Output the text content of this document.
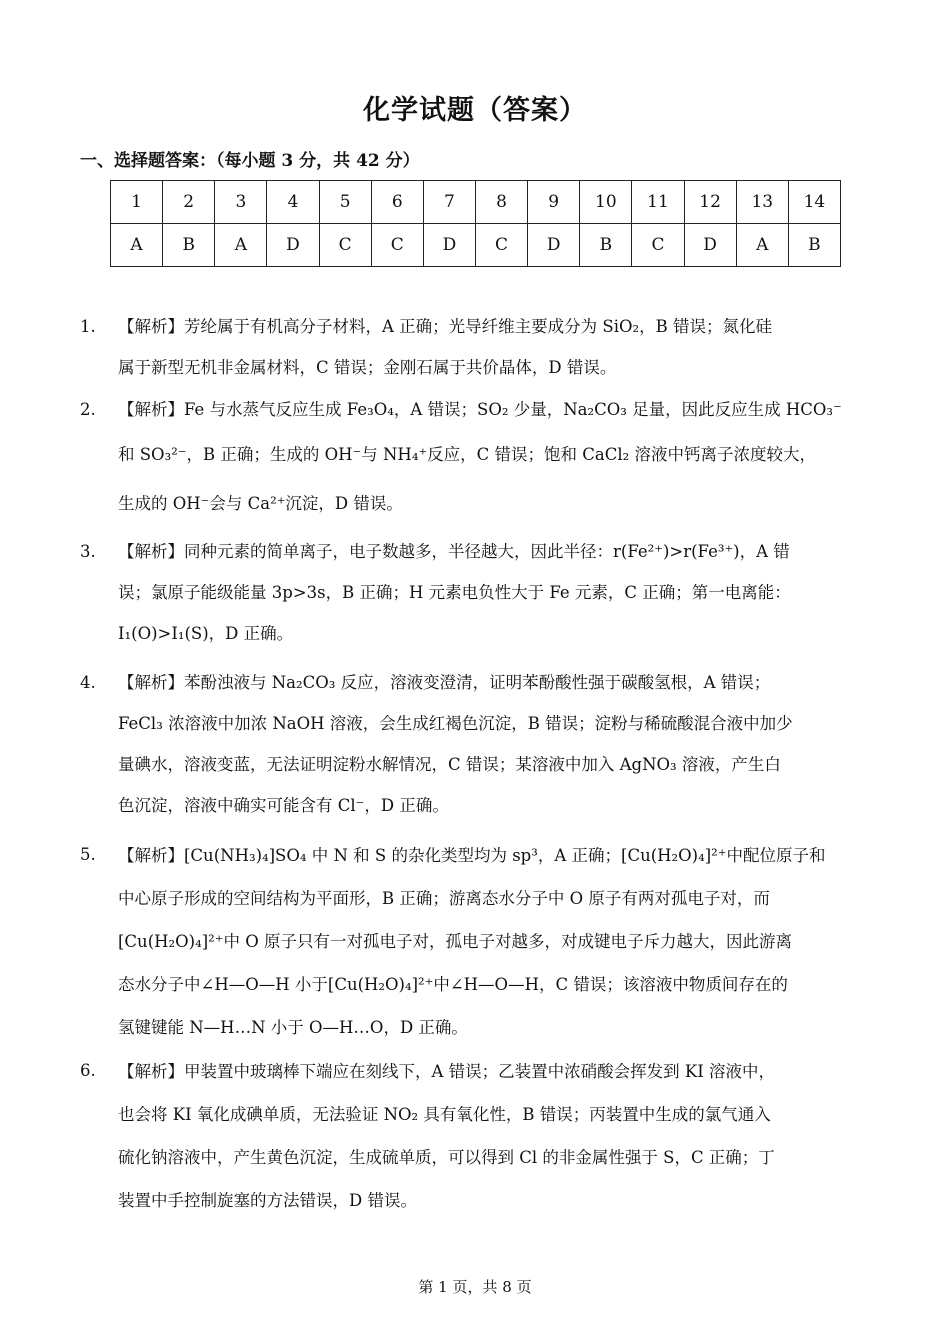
化学试题（答案）
一、选择题答案：（每小题 3 分，共 42 分）
1	2	3	4	5	6	7	8	9	10	11	12	13	14
A	B	A	D	C	C	D	C	D	B	C	D	A	B
1. 【解析】芳纶属于有机高分子材料，A 正确；光导纤维主要成分为 SiO₂，B 错误；氮化硅

属于新型无机非金属材料，C 错误；金刚石属于共价晶体，D 错误。

2. 【解析】Fe 与水蒸气反应生成 Fe₃O₄，A 错误；SO₂ 少量，Na₂CO₃ 足量，因此反应生成 HCO₃⁻

和 SO₃²⁻，B 正确；生成的 OH⁻与 NH₄⁺反应，C 错误；饱和 CaCl₂ 溶液中钙离子浓度较大，

生成的 OH⁻会与 Ca²⁺沉淀，D 错误。

3. 【解析】同种元素的简单离子，电子数越多，半径越大，因此半径：r(Fe²⁺)>r(Fe³⁺)，A 错

误；氯原子能级能量 3p>3s，B 正确；H 元素电负性大于 Fe 元素，C 正确；第一电离能：

I₁(O)>I₁(S)，D 正确。

4. 【解析】苯酚浊液与 Na₂CO₃ 反应，溶液变澄清，证明苯酚酸性强于碳酸氢根，A 错误；

FeCl₃ 浓溶液中加浓 NaOH 溶液，会生成红褐色沉淀，B 错误；淀粉与稀硫酸混合液中加少

量碘水，溶液变蓝，无法证明淀粉水解情况，C 错误；某溶液中加入 AgNO₃ 溶液，产生白

色沉淀，溶液中确实可能含有 Cl⁻，D 正确。

5. 【解析】[Cu(NH₃)₄]SO₄ 中 N 和 S 的杂化类型均为 sp³，A 正确；[Cu(H₂O)₄]²⁺中配位原子和

中心原子形成的空间结构为平面形，B 正确；游离态水分子中 O 原子有两对孤电子对，而

[Cu(H₂O)₄]²⁺中 O 原子只有一对孤电子对，孤电子对越多，对成键电子斥力越大，因此游离

态水分子中∠H—O—H 小于[Cu(H₂O)₄]²⁺中∠H—O—H，C 错误；该溶液中物质间存在的

氢键键能 N—H…N 小于 O—H…O，D 正确。

6. 【解析】甲装置中玻璃棒下端应在刻线下，A 错误；乙装置中浓硝酸会挥发到 KI 溶液中，

也会将 KI 氧化成碘单质，无法验证 NO₂ 具有氧化性，B 错误；丙装置中生成的氯气通入

硫化钠溶液中，产生黄色沉淀，生成硫单质，可以得到 Cl 的非金属性强于 S，C 正确；丁

装置中手控制旋塞的方法错误，D 错误。

第 1 页，共 8 页
